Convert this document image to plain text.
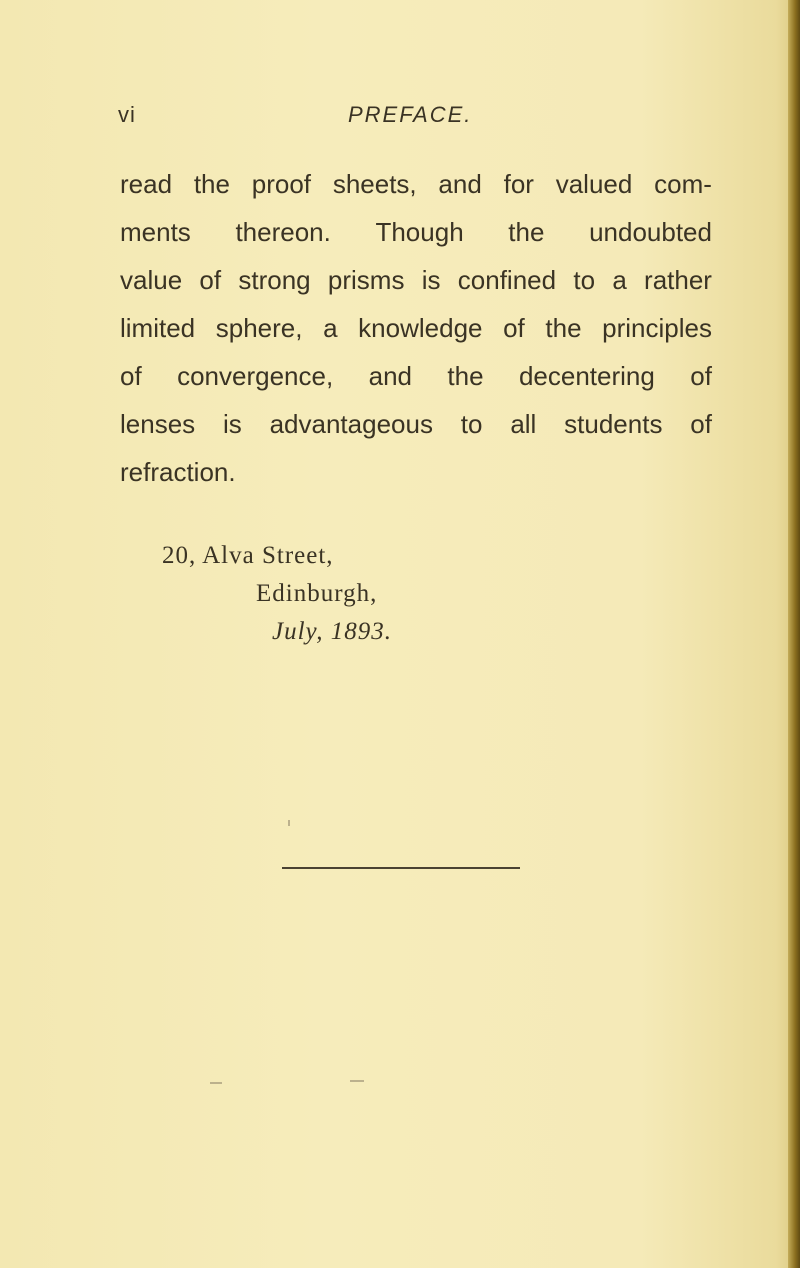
vi	PREFACE.
read the proof sheets, and for valued com-
ments thereon. Though the undoubted
value of strong prisms is confined to a rather
limited sphere, a knowledge of the principles
of convergence, and the decentering of
lenses is advantageous to all students of
refraction.
20, Alva Street,
Edinburgh,
July, 1893.
